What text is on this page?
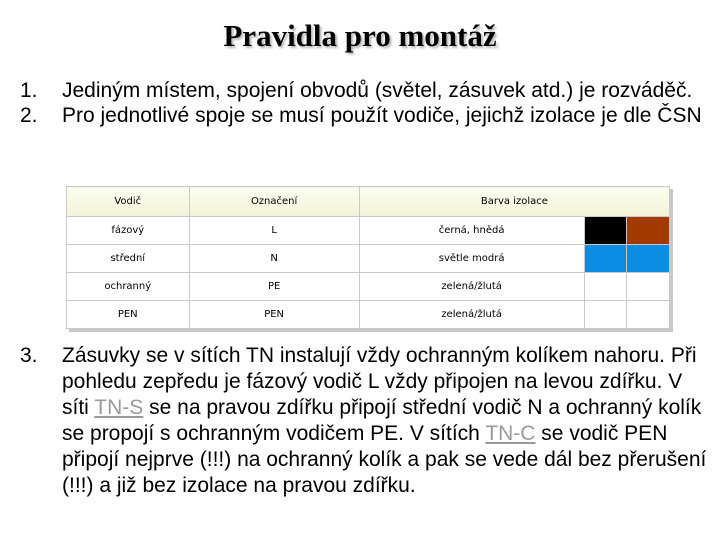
Pravidla pro montáž
1.	Jediným místem, spojení obvodů (světel, zásuvek atd.) je rozváděč.
2.	Pro jednotlivé spoje se musí použít vodiče, jejichž izolace je dle ČSN
Vodič	Označení	Barva izolace		
fázový	L	černá, hnědá	

střední	N	světle modrá	

ochranný	PE	zelená/žlutá	

PEN	PEN	zelená/žlutá	

3.	Zásuvky se v sítích TN instalují vždy ochranným kolíkem nahoru. Při pohledu zepředu je fázový vodič L vždy připojen na levou zdířku. V síti TN-S se na pravou zdířku připojí střední vodič N a ochranný kolík se propojí s ochranným vodičem PE. V sítích TN-C se vodič PEN připojí nejprve (!!!) na ochranný kolík a pak se vede dál bez přerušení (!!!) a již bez izolace na pravou zdířku.
